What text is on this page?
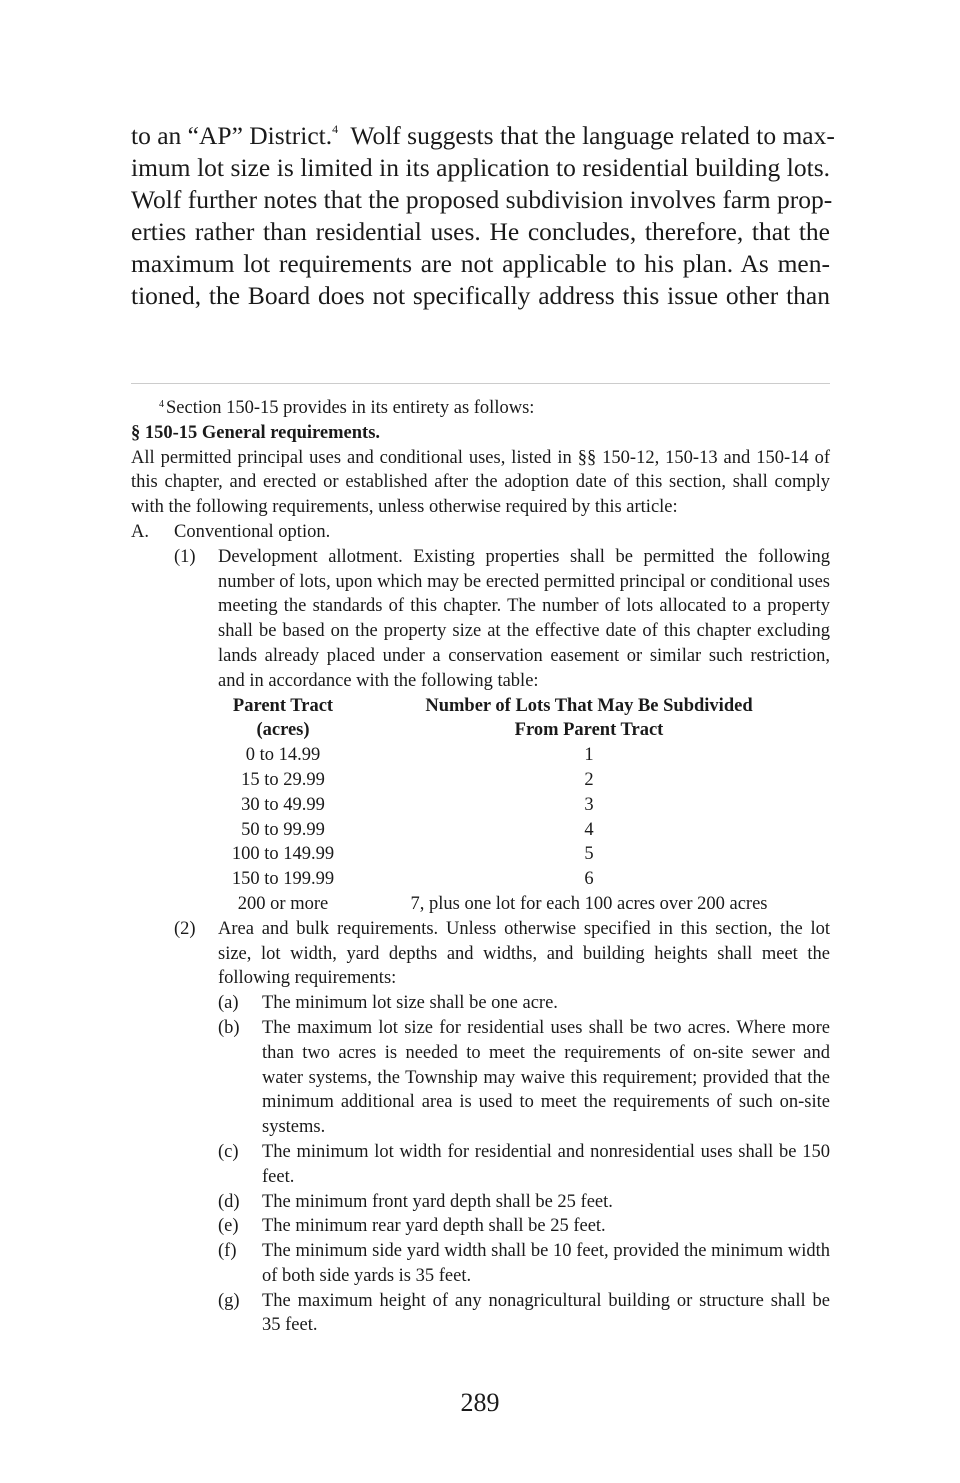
to an “AP” District.$^4$  Wolf suggests that the language related to max-
imum lot size is limited in its application to residential building lots.
Wolf further notes that the proposed subdivision involves farm prop-
erties rather than residential uses. He concludes, therefore, that the
maximum lot requirements are not applicable to his plan. As men-
tioned, the Board does not specifically address this issue other than
$^4$ Section 150-15 provides in its entirety as follows:
§ 150-15 General requirements.
All permitted principal uses and conditional uses, listed in §§ 150-12, 150-13 and 150-14 of this chapter, and erected or established after the adoption date of this section, shall comply with the following requirements, unless otherwise required by this article:
A.	Conventional option.
(1)	Development allotment. Existing properties shall be permitted the following number of lots, upon which may be erected permitted principal or conditional uses meeting the standards of this chapter. The number of lots allocated to a property shall be based on the property size at the effective date of this chapter excluding lands already placed under a conservation easement or similar such restriction, and in accordance with the following table:
Parent Tract
(acres)	Number of Lots That May Be Subdivided
From Parent Tract
0 to 14.99	1
15 to 29.99	2
30 to 49.99	3
50 to 99.99	4
100 to 149.99	5
150 to 199.99	6
200 or more	7, plus one lot for each 100 acres over 200 acres
(2)	Area and bulk requirements. Unless otherwise specified in this section, the lot size, lot width, yard depths and widths, and building heights shall meet the following requirements:
(a)	The minimum lot size shall be one acre.
(b)	The maximum lot size for residential uses shall be two acres. Where more than two acres is needed to meet the requirements of on-site sewer and water systems, the Township may waive this requirement; provided that the minimum additional area is used to meet the requirements of such on-site systems.
(c)	The minimum lot width for residential and nonresidential uses shall be 150 feet.
(d)	The minimum front yard depth shall be 25 feet.
(e)	The minimum rear yard depth shall be 25 feet.
(f)	The minimum side yard width shall be 10 feet, provided the minimum width of both side yards is 35 feet.
(g)	The maximum height of any nonagricultural building or structure shall be 35 feet.
289
